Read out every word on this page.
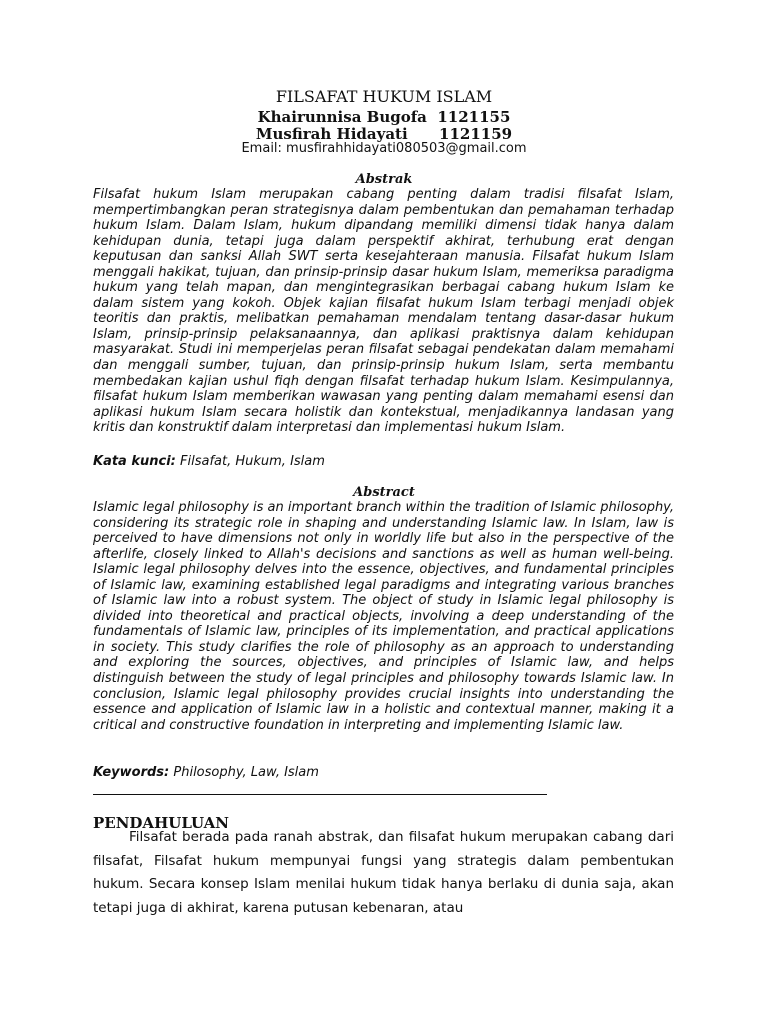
FILSAFAT HUKUM ISLAM
Khairunnisa Bugofa  1121155
Musfirah Hidayati      1121159
Email: musfirahhidayati080503@gmail.com
Abstrak
Filsafat hukum Islam merupakan cabang penting dalam tradisi filsafat Islam, mempertimbangkan peran strategisnya dalam pembentukan dan pemahaman terhadap hukum Islam. Dalam Islam, hukum dipandang memiliki dimensi tidak hanya dalam kehidupan dunia, tetapi juga dalam perspektif akhirat, terhubung erat dengan keputusan dan sanksi Allah SWT serta kesejahteraan manusia. Filsafat hukum Islam menggali hakikat, tujuan, dan prinsip-prinsip dasar hukum Islam, memeriksa paradigma hukum yang telah mapan, dan mengintegrasikan berbagai cabang hukum Islam ke dalam sistem yang kokoh. Objek kajian filsafat hukum Islam terbagi menjadi objek teoritis dan praktis, melibatkan pemahaman mendalam tentang dasar-dasar hukum Islam, prinsip-prinsip pelaksanaannya, dan aplikasi praktisnya dalam kehidupan masyarakat. Studi ini memperjelas peran filsafat sebagai pendekatan dalam memahami dan menggali sumber, tujuan, dan prinsip-prinsip hukum Islam, serta membantu membedakan kajian ushul fiqh dengan filsafat terhadap hukum Islam. Kesimpulannya, filsafat hukum Islam memberikan wawasan yang penting dalam memahami esensi dan aplikasi hukum Islam secara holistik dan kontekstual, menjadikannya landasan yang kritis dan konstruktif dalam interpretasi dan implementasi hukum Islam.
Kata kunci: Filsafat, Hukum, Islam
Abstract
Islamic legal philosophy is an important branch within the tradition of Islamic philosophy, considering its strategic role in shaping and understanding Islamic law. In Islam, law is perceived to have dimensions not only in worldly life but also in the perspective of the afterlife, closely linked to Allah's decisions and sanctions as well as human well-being. Islamic legal philosophy delves into the essence, objectives, and fundamental principles of Islamic law, examining established legal paradigms and integrating various branches of Islamic law into a robust system. The object of study in Islamic legal philosophy is divided into theoretical and practical objects, involving a deep understanding of the fundamentals of Islamic law, principles of its implementation, and practical applications in society. This study clarifies the role of philosophy as an approach to understanding and exploring the sources, objectives, and principles of Islamic law, and helps distinguish between the study of legal principles and philosophy towards Islamic law. In conclusion, Islamic legal philosophy provides crucial insights into understanding the essence and application of Islamic law in a holistic and contextual manner, making it a critical and constructive foundation in interpreting and implementing Islamic law.
Keywords: Philosophy, Law, Islam
PENDAHULUAN

Filsafat berada pada ranah abstrak, dan filsafat hukum merupakan cabang dari filsafat, Filsafat hukum mempunyai fungsi yang strategis dalam pembentukan hukum. Secara konsep Islam menilai hukum tidak hanya berlaku di dunia saja, akan tetapi juga di akhirat, karena putusan kebenaran, atau
